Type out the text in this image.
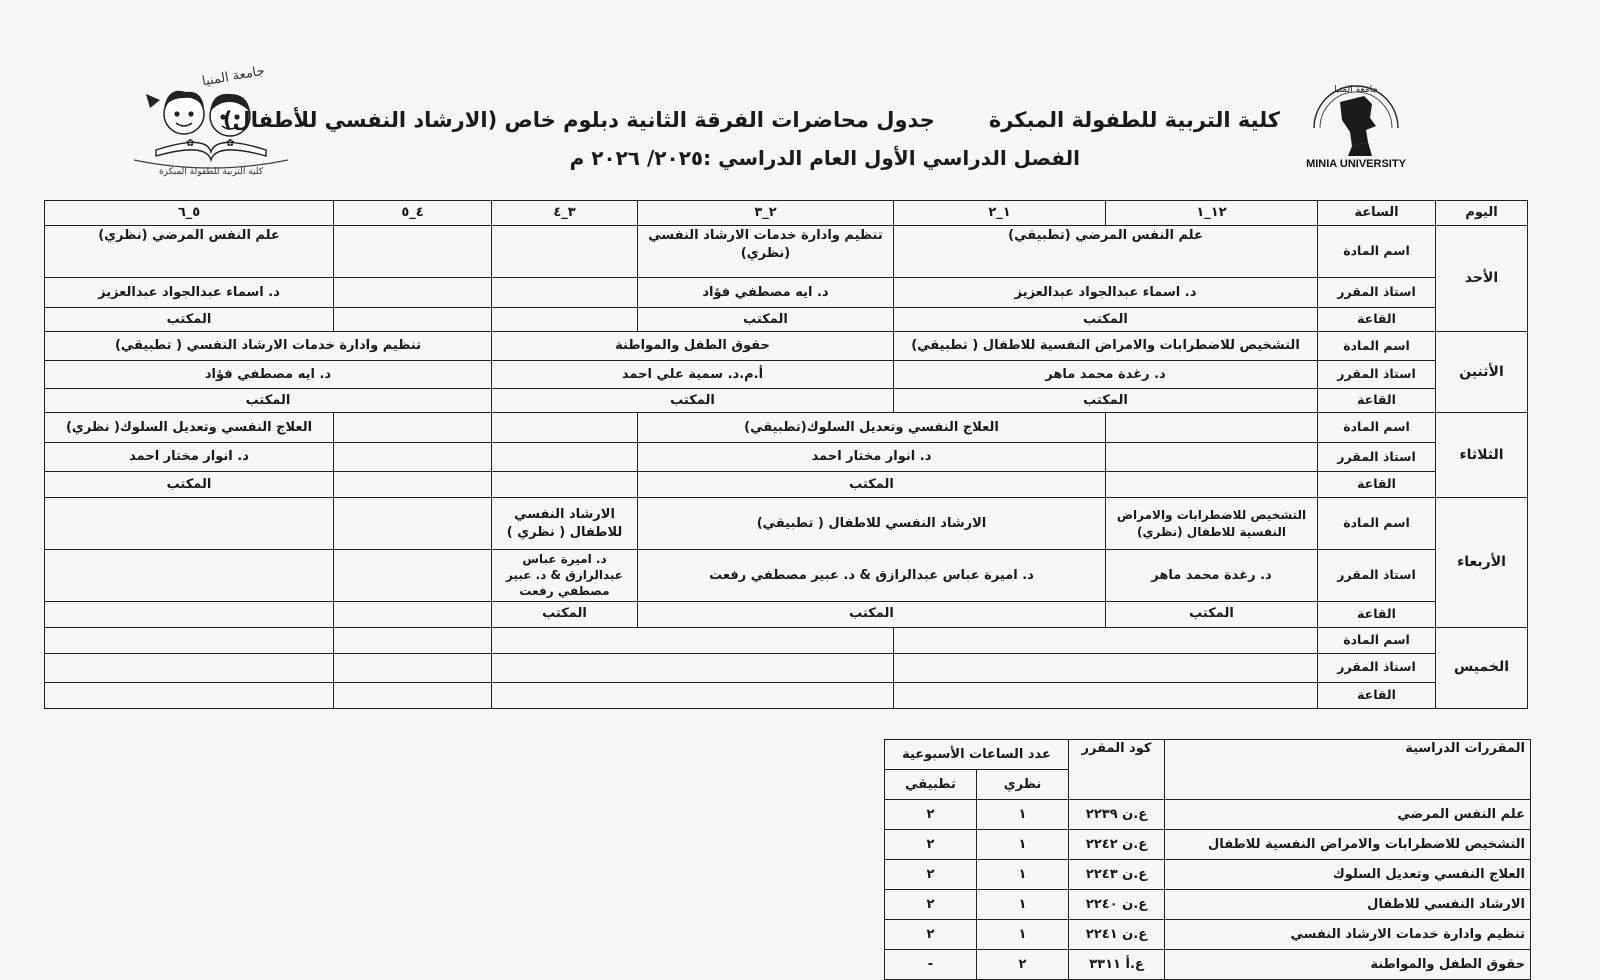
جامعة المنيا
MINIA UNIVERSITY
جامعة المنيا
✿	✿
كلية التربية للطفولة المبكرة
كلية التربية للطفولة المبكرةجدول محاضرات الفرقة الثانية دبلوم خاص (الارشاد النفسي للأطفال)
الفصل الدراسي الأول العام الدراسي :٢٠٢٥/ ٢٠٢٦ م
اليوم	الساعة	١٢_١	١_٢	٢_٣	٣_٤	٤_٥	٥_٦
الأحد	اسم المادة	علم النفس المرضي (تطبيقي)		تنظيم وادارة خدمات الارشاد النفسي (نظري)			علم النفس المرضي (نظري)
	استاذ المقرر	د. اسماء عبدالجواد عبدالعزيز		د. ايه مصطفي فؤاد			د. اسماء عبدالجواد عبدالعزيز
	القاعة	المكتب		المكتب			المكتب
الأثنين	اسم المادة	التشخيص للاضطرابات والامراض النفسية للاطفال ( تطبيقي)		حقوق الطفل والمواطنة		تنظيم وادارة خدمات الارشاد النفسي ( تطبيقي)	
	استاذ المقرر	د. رغدة محمد ماهر		أ.م.د. سمية علي احمد		د. ايه مصطفي فؤاد	
	القاعة	المكتب		المكتب		المكتب	
الثلاثاء	اسم المادة		العلاج النفسي وتعديل السلوك(تطبيقي)				العلاج النفسي وتعديل السلوك( نظري)
	استاذ المقرر		د. انوار مختار احمد				د. انوار مختار احمد
	القاعة		المكتب				المكتب
الأربعاء	اسم المادة	التشخيص للاضطرابات والامراض النفسية للاطفال (نظري)	الارشاد النفسي للاطفال ( تطبيقي)		الارشاد النفسي للاطفال ( نظري )		
	استاذ المقرر	د. رغدة محمد ماهر	د. اميرة عباس عبدالرازق & د. عبير مصطفي رفعت		د. اميرة عباس عبدالرازق & د. عبير مصطفي رفعت		
	القاعة	المكتب	المكتب		المكتب		
الخميس	اسم المادة						
	استاذ المقرر						
	القاعة						
المقررات الدراسية	كود المقرر	عدد الساعات الأسبوعية	
		نظري	تطبيقي
علم النفس المرضي	ع.ن ٢٢٣٩	١	٢
التشخيص للاضطرابات والامراض النفسية للاطفال	ع.ن ٢٢٤٢	١	٢
العلاج النفسي وتعديل السلوك	ع.ن ٢٢٤٣	١	٢
الارشاد النفسي للاطفال	ع.ن ٢٢٤٠	١	٢
تنظيم وادارة خدمات الارشاد النفسي	ع.ن ٢٢٤١	١	٢
حقوق الطفل والمواطنة	ع.أ ٣٣١١	٢	-
